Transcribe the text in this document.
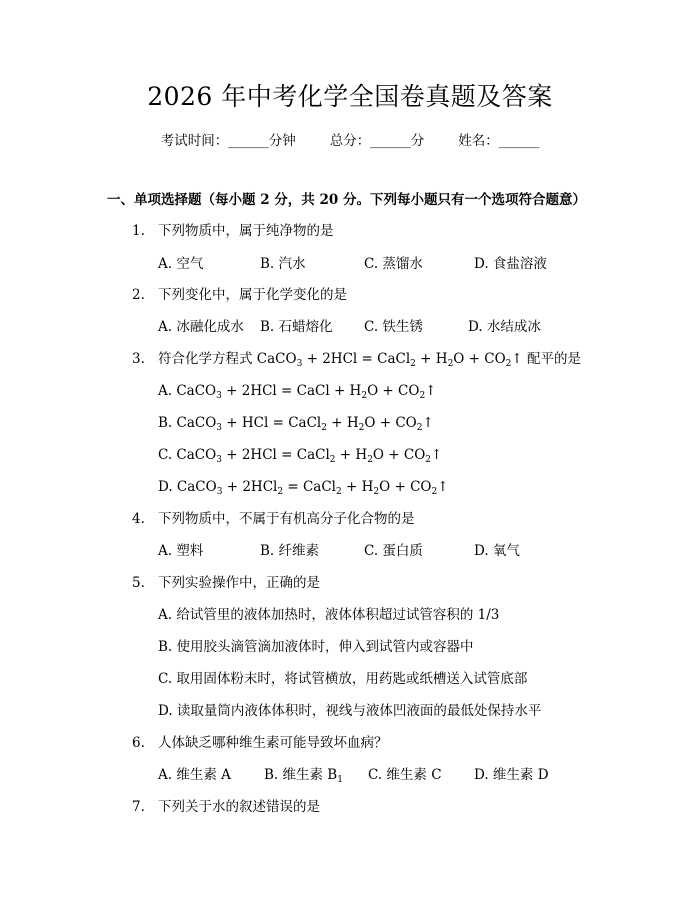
2026 年中考化学全国卷真题及答案
考试时间：______分钟	总分：______分	姓名：______
一、单项选择题（每小题 2 分，共 20 分。下列每小题只有一个选项符合题意）
1. 下列物质中，属于纯净物的是
A. 空气	B. 汽水	C. 蒸馏水	D. 食盐溶液
2. 下列变化中，属于化学变化的是
A. 冰融化成水 B. 石蜡熔化 C. 铁生锈	D. 水结成冰
3. 符合化学方程式 CaCO$_3$ + 2HCl = CaCl$_2$ + $H_2O$ + $CO_2↑$ 配平的是
A. CaCO$_3$ + 2HCl = CaCl + $H_2O$ + $CO_2↑$
B. CaCO$_3$ + HCl = CaCl$_2$ + $H_2O$ + $CO_2↑$
C. CaCO$_3$ + 2HCl = CaCl$_2$ + $H_2O$ + $CO_2↑$
D. CaCO$_3$ + 2HCl$_2$ = CaCl$_2$ + $H_2O$ + $CO_2↑$
4. 下列物质中，不属于有机高分子化合物的是
A. 塑料	B. 纤维素	C. 蛋白质	D. 氧气
5. 下列实验操作中，正确的是
A. 给试管里的液体加热时，液体体积超过试管容积的 1/3
B. 使用胶头滴管滴加液体时，伸入到试管内或容器中
C. 取用固体粉末时，将试管横放，用药匙或纸槽送入试管底部
D. 读取量筒内液体体积时，视线与液体凹液面的最低处保持水平
6. 人体缺乏哪种维生素可能导致坏血病？
A. 维生素 A B. 维生素 $B_1$ C. 维生素 C D. 维生素 D
7. 下列关于水的叙述错误的是
